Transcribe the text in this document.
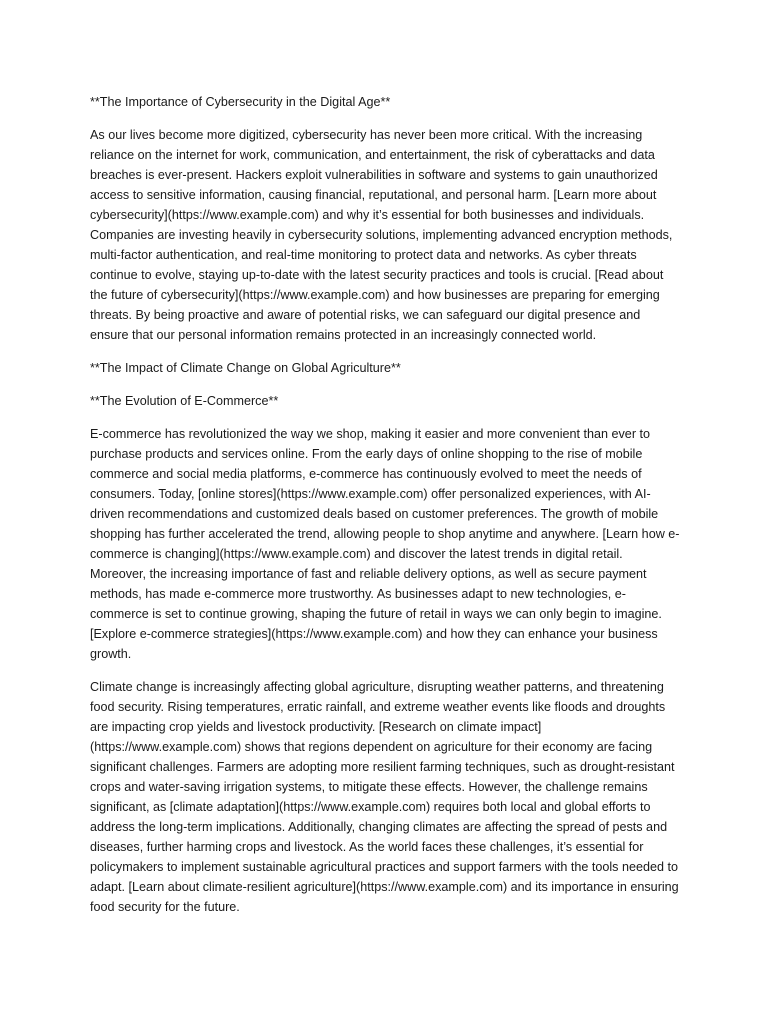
**The Importance of Cybersecurity in the Digital Age**

As our lives become more digitized, cybersecurity has never been more critical. With the increasing reliance on the internet for work, communication, and entertainment, the risk of cyberattacks and data breaches is ever-present. Hackers exploit vulnerabilities in software and systems to gain unauthorized access to sensitive information, causing financial, reputational, and personal harm. [Learn more about cybersecurity](https://www.example.com) and why it’s essential for both businesses and individuals. Companies are investing heavily in cybersecurity solutions, implementing advanced encryption methods, multi-factor authentication, and real-time monitoring to protect data and networks. As cyber threats continue to evolve, staying up-to-date with the latest security practices and tools is crucial. [Read about the future of cybersecurity](https://www.example.com) and how businesses are preparing for emerging threats. By being proactive and aware of potential risks, we can safeguard our digital presence and ensure that our personal information remains protected in an increasingly connected world.

**The Impact of Climate Change on Global Agriculture**

**The Evolution of E-Commerce**

E-commerce has revolutionized the way we shop, making it easier and more convenient than ever to purchase products and services online. From the early days of online shopping to the rise of mobile commerce and social media platforms, e-commerce has continuously evolved to meet the needs of consumers. Today, [online stores](https://www.example.com) offer personalized experiences, with AI-driven recommendations and customized deals based on customer preferences. The growth of mobile shopping has further accelerated the trend, allowing people to shop anytime and anywhere. [Learn how e-commerce is changing](https://www.example.com) and discover the latest trends in digital retail. Moreover, the increasing importance of fast and reliable delivery options, as well as secure payment methods, has made e-commerce more trustworthy. As businesses adapt to new technologies, e-commerce is set to continue growing, shaping the future of retail in ways we can only begin to imagine. [Explore e-commerce strategies](https://www.example.com) and how they can enhance your business growth.

Climate change is increasingly affecting global agriculture, disrupting weather patterns, and threatening food security. Rising temperatures, erratic rainfall, and extreme weather events like floods and droughts are impacting crop yields and livestock productivity. [Research on climate impact](https://www.example.com) shows that regions dependent on agriculture for their economy are facing significant challenges. Farmers are adopting more resilient farming techniques, such as drought-resistant crops and water-saving irrigation systems, to mitigate these effects. However, the challenge remains significant, as [climate adaptation](https://www.example.com) requires both local and global efforts to address the long-term implications. Additionally, changing climates are affecting the spread of pests and diseases, further harming crops and livestock. As the world faces these challenges, it’s essential for policymakers to implement sustainable agricultural practices and support farmers with the tools needed to adapt. [Learn about climate-resilient agriculture](https://www.example.com) and its importance in ensuring food security for the future.
